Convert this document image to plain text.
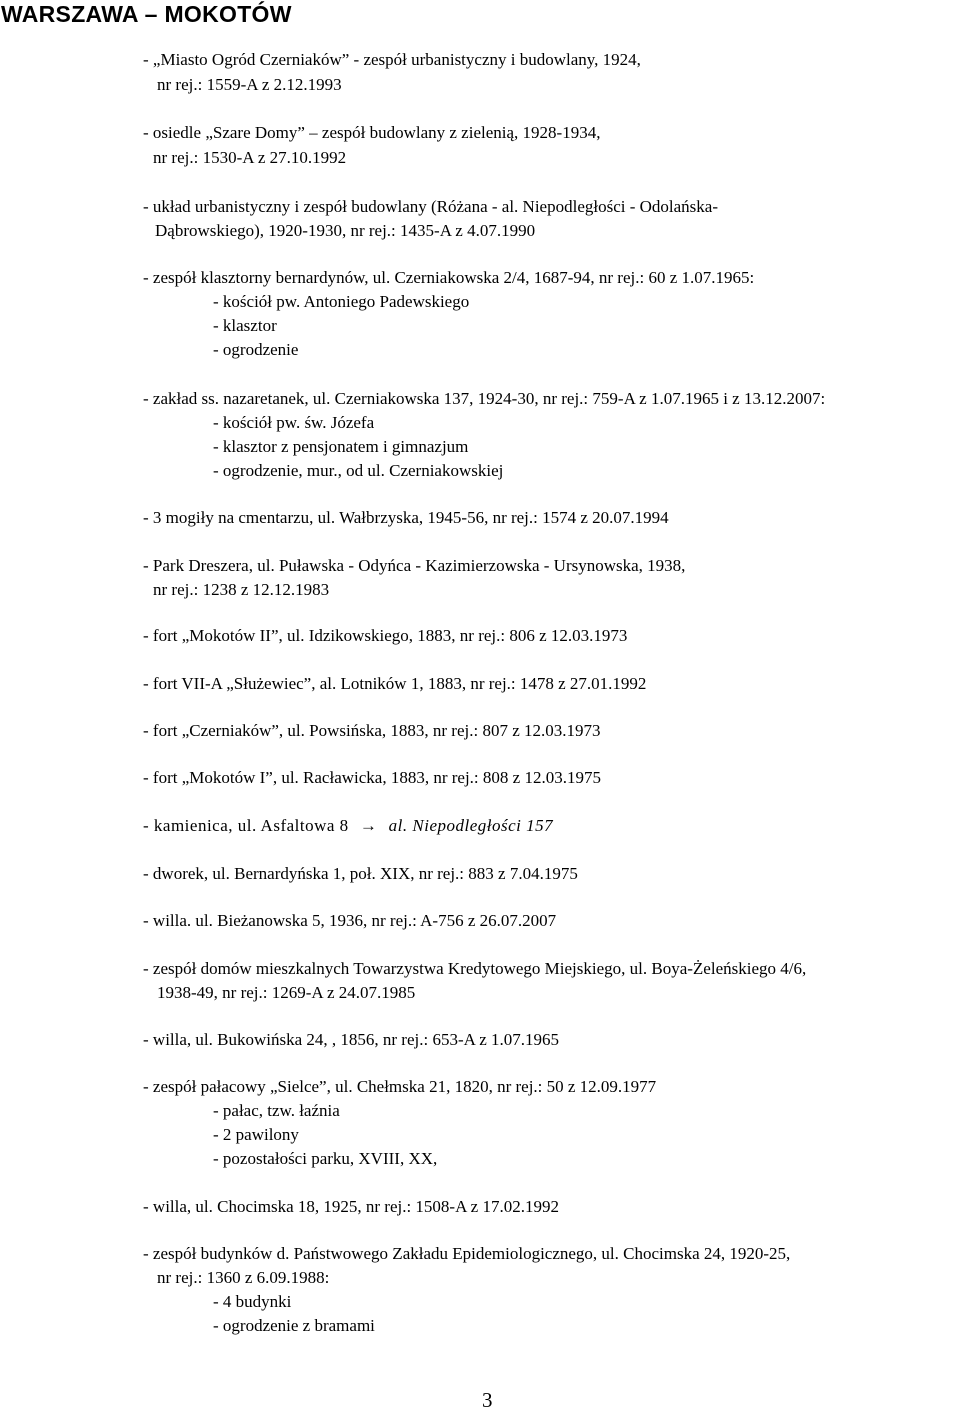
WARSZAWA – MOKOTÓW
- „Miasto Ogród Czerniaków” - zespół urbanistyczny i budowlany, 1924,
nr rej.: 1559-A z 2.12.1993
- osiedle „Szare Domy” – zespół budowlany z zielenią, 1928-1934,
nr rej.: 1530-A z 27.10.1992
- układ urbanistyczny i zespół budowlany (Różana - al. Niepodległości - Odolańska-
Dąbrowskiego), 1920-1930, nr rej.: 1435-A z 4.07.1990
- zespół klasztorny bernardynów, ul. Czerniakowska 2/4, 1687-94, nr rej.: 60 z 1.07.1965:
- kościół pw. Antoniego Padewskiego
- klasztor
- ogrodzenie
- zakład ss. nazaretanek, ul. Czerniakowska 137, 1924-30, nr rej.: 759-A z 1.07.1965 i z 13.12.2007:
- kościół pw. św. Józefa
- klasztor z pensjonatem i gimnazjum
- ogrodzenie, mur., od ul. Czerniakowskiej
- 3 mogiły na cmentarzu, ul. Wałbrzyska, 1945-56, nr rej.: 1574 z 20.07.1994
- Park Dreszera, ul. Puławska - Odyńca - Kazimierzowska - Ursynowska, 1938,
nr rej.: 1238 z 12.12.1983
- fort „Mokotów II”, ul. Idzikowskiego, 1883, nr rej.: 806 z 12.03.1973
- fort VII-A „Służewiec”, al. Lotników 1, 1883, nr rej.: 1478 z 27.01.1992
- fort „Czerniaków”, ul. Powsińska, 1883, nr rej.: 807 z 12.03.1973
- fort „Mokotów I”, ul. Racławicka, 1883, nr rej.: 808 z 12.03.1975
- kamienica, ul. Asfaltowa 8 → al. Niepodległości 157
- dworek, ul. Bernardyńska 1, poł. XIX, nr rej.: 883 z 7.04.1975
- willa. ul. Bieżanowska 5, 1936, nr rej.: A-756 z 26.07.2007
- zespół domów mieszkalnych Towarzystwa Kredytowego Miejskiego, ul. Boya-Żeleńskiego 4/6,
1938-49, nr rej.: 1269-A z 24.07.1985
- willa, ul. Bukowińska 24, , 1856, nr rej.: 653-A z 1.07.1965
- zespół pałacowy „Sielce”, ul. Chełmska 21, 1820, nr rej.: 50 z 12.09.1977
- pałac, tzw. łaźnia
- 2 pawilony
- pozostałości parku, XVIII, XX,
- willa, ul. Chocimska 18, 1925, nr rej.: 1508-A z 17.02.1992
- zespół budynków d. Państwowego Zakładu Epidemiologicznego, ul. Chocimska 24, 1920-25,
nr rej.: 1360 z 6.09.1988:
- 4 budynki
- ogrodzenie z bramami
3
